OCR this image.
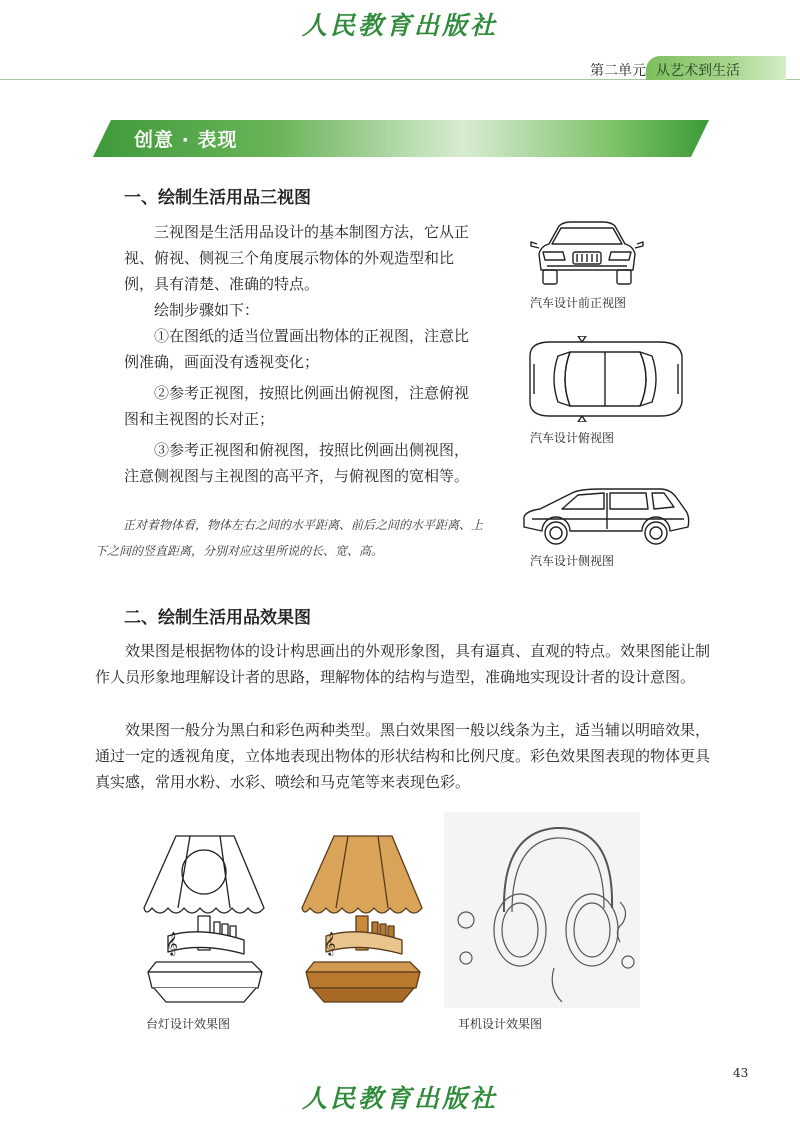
人民教育出版社
第二单元 从艺术到生活
创意 · 表现
一、绘制生活用品三视图
三视图是生活用品设计的基本制图方法，它从正视、俯视、侧视三个角度展示物体的外观造型和比例，具有清楚、准确的特点。
绘制步骤如下：
①在图纸的适当位置画出物体的正视图，注意比例准确，画面没有透视变化；
②参考正视图，按照比例画出俯视图，注意俯视图和主视图的长对正；
③参考正视图和俯视图，按照比例画出侧视图，注意侧视图与主视图的高平齐，与俯视图的宽相等。
正对着物体看，物体左右之间的水平距离、前后之间的水平距离、上下之间的竖直距离，分别对应这里所说的长、宽、高。
汽车设计前正视图
汽车设计俯视图
汽车设计侧视图
二、绘制生活用品效果图
效果图是根据物体的设计构思画出的外观形象图，具有逼真、直观的特点。效果图能让制作人员形象地理解设计者的思路，理解物体的结构与造型，准确地实现设计者的设计意图。
效果图一般分为黑白和彩色两种类型。黑白效果图一般以线条为主，适当辅以明暗效果，通过一定的透视角度，立体地表现出物体的形状结构和比例尺度。彩色效果图表现的物体更具真实感，常用水粉、水彩、喷绘和马克笔等来表现色彩。
𝄞	𝄞
台灯设计效果图	耳机设计效果图
43
人民教育出版社
